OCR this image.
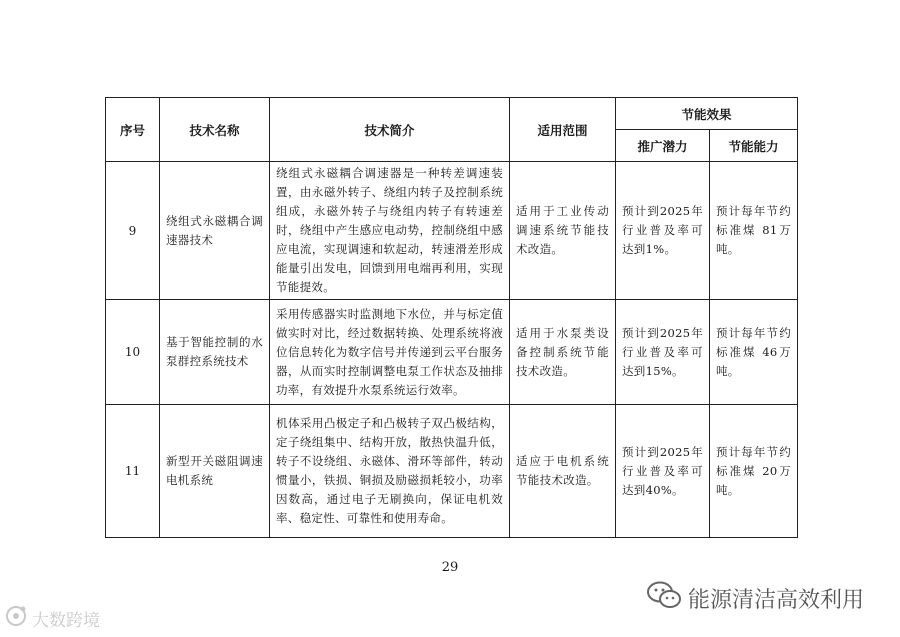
序号	技术名称	技术简介	适用范围	节能效果	
				推广潜力	节能能力
9	绕组式永磁耦合调速器技术	绕组式永磁耦合调速器是一种转差调速装置，由永磁外转子、绕组内转子及控制系统组成，永磁外转子与绕组内转子有转速差时，绕组中产生感应电动势，控制绕组中感应电流，实现调速和软起动，转速滑差形成能量引出发电，回馈到用电端再利用，实现节能提效。	适用于工业传动调速系统节能技术改造。	预计到2025年行业普及率可达到1%。	预计每年节约标准煤 81万吨。

10	基于智能控制的水泵群控系统技术	采用传感器实时监测地下水位，并与标定值做实时对比，经过数据转换、处理系统将液位信息转化为数字信号并传递到云平台服务器，从而实时控制调整电泵工作状态及抽排功率，有效提升水泵系统运行效率。	适用于水泵类设备控制系统节能技术改造。	预计到2025年行业普及率可达到15%。	预计每年节约标准煤 46万吨。

11	新型开关磁阻调速电机系统	机体采用凸极定子和凸极转子双凸极结构，定子绕组集中、结构开放，散热快温升低，转子不设绕组、永磁体、滑环等部件，转动惯量小，铁损、铜损及励磁损耗较小，功率因数高，通过电子无刷换向，保证电机效率、稳定性、可靠性和使用寿命。	适应于电机系统节能技术改造。	预计到2025年行业普及率可达到40%。	预计每年节约标准煤 20万吨。
29
大数跨境
能源清洁高效利用
